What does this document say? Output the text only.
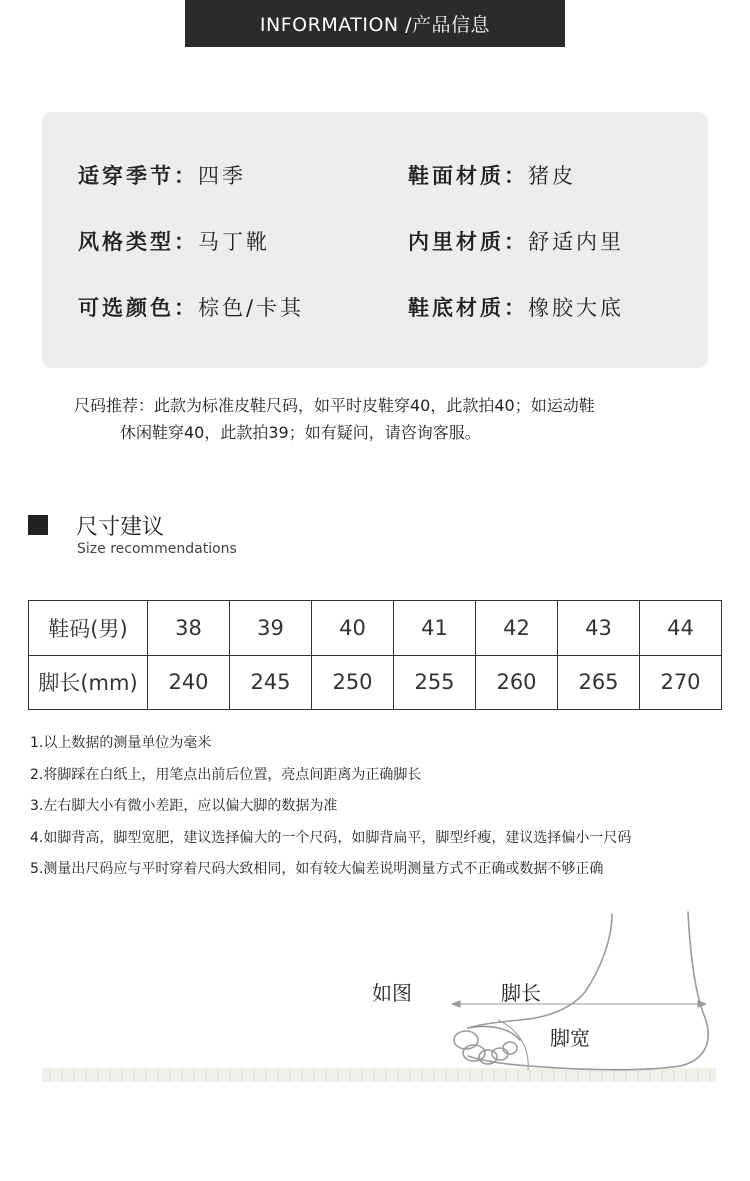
INFORMATION /产品信息
适穿季节：四季	鞋面材质：猪皮
风格类型：马丁靴	内里材质：舒适内里
可选颜色：棕色/卡其	鞋底材质：橡胶大底
尺码推荐：此款为标准皮鞋尺码，如平时皮鞋穿40，此款拍40；如运动鞋
休闲鞋穿40，此款拍39；如有疑问，请咨询客服。
尺寸建议
Size recommendations
鞋码(男)	38	39	40	41	42	43	44
脚长(mm)	240	245	250	255	260	265	270
1.以上数据的测量单位为毫米
2.将脚踩在白纸上，用笔点出前后位置，亮点间距离为正确脚长
3.左右脚大小有微小差距，应以偏大脚的数据为准
4.如脚背高，脚型宽肥，建议选择偏大的一个尺码，如脚背扁平，脚型纤瘦，建议选择偏小一尺码
5.测量出尺码应与平时穿着尺码大致相同，如有较大偏差说明测量方式不正确或数据不够正确
如图	脚长
脚宽
